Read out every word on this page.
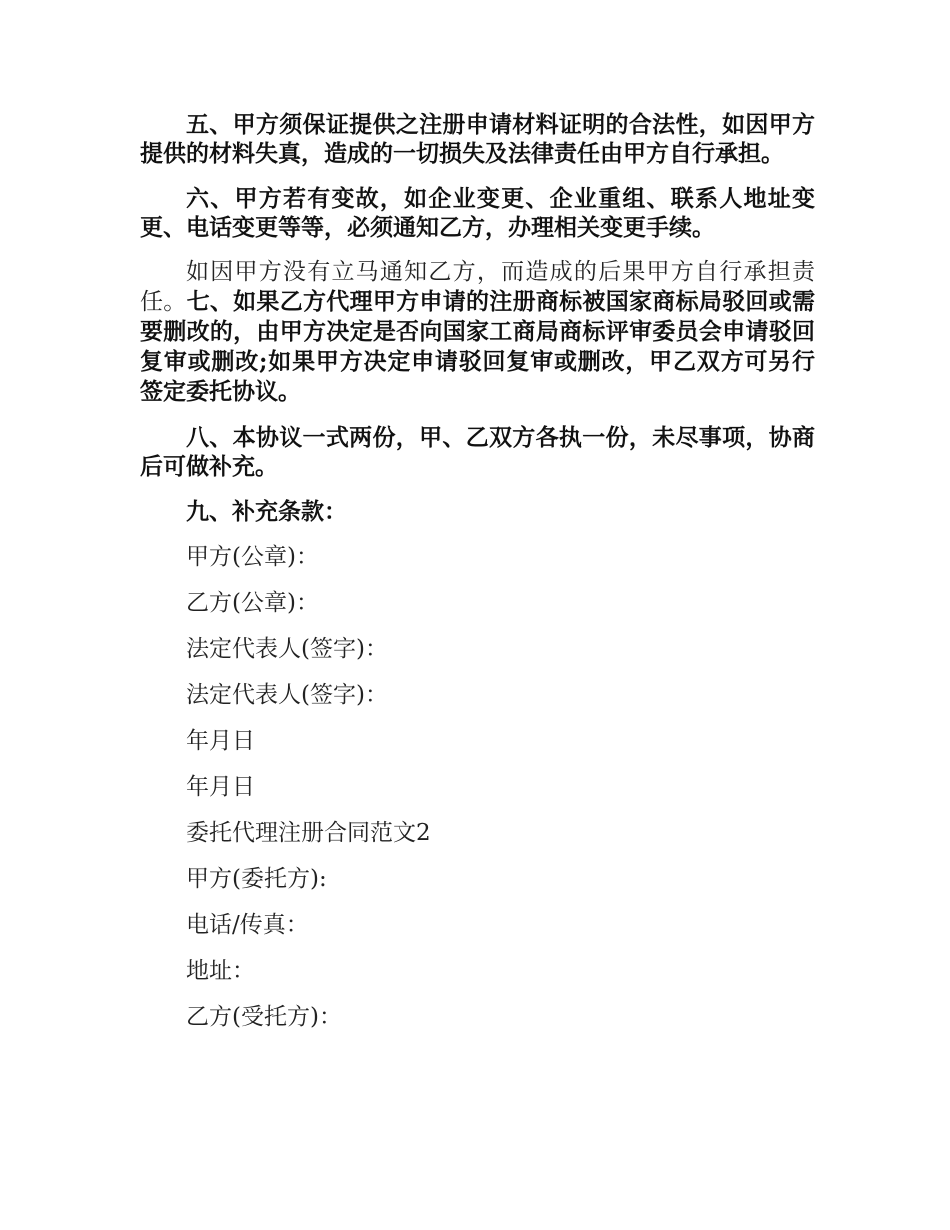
五、甲方须保证提供之注册申请材料证明的合法性，如因甲方提供的材料失真，造成的一切损失及法律责任由甲方自行承担。

六、甲方若有变故，如企业变更、企业重组、联系人地址变更、电话变更等等，必须通知乙方，办理相关变更手续。

如因甲方没有立马通知乙方，而造成的后果甲方自行承担责任。七、如果乙方代理甲方申请的注册商标被国家商标局驳回或需要删改的，由甲方决定是否向国家工商局商标评审委员会申请驳回复审或删改;如果甲方决定申请驳回复审或删改，甲乙双方可另行签定委托协议。

八、本协议一式两份，甲、乙双方各执一份，未尽事项，协商后可做补充。

九、补充条款：

甲方(公章)：

乙方(公章)：

法定代表人(签字)：

法定代表人(签字)：

年月日

年月日

委托代理注册合同范文2

甲方(委托方):

电话/传真：

地址：

乙方(受托方)：
